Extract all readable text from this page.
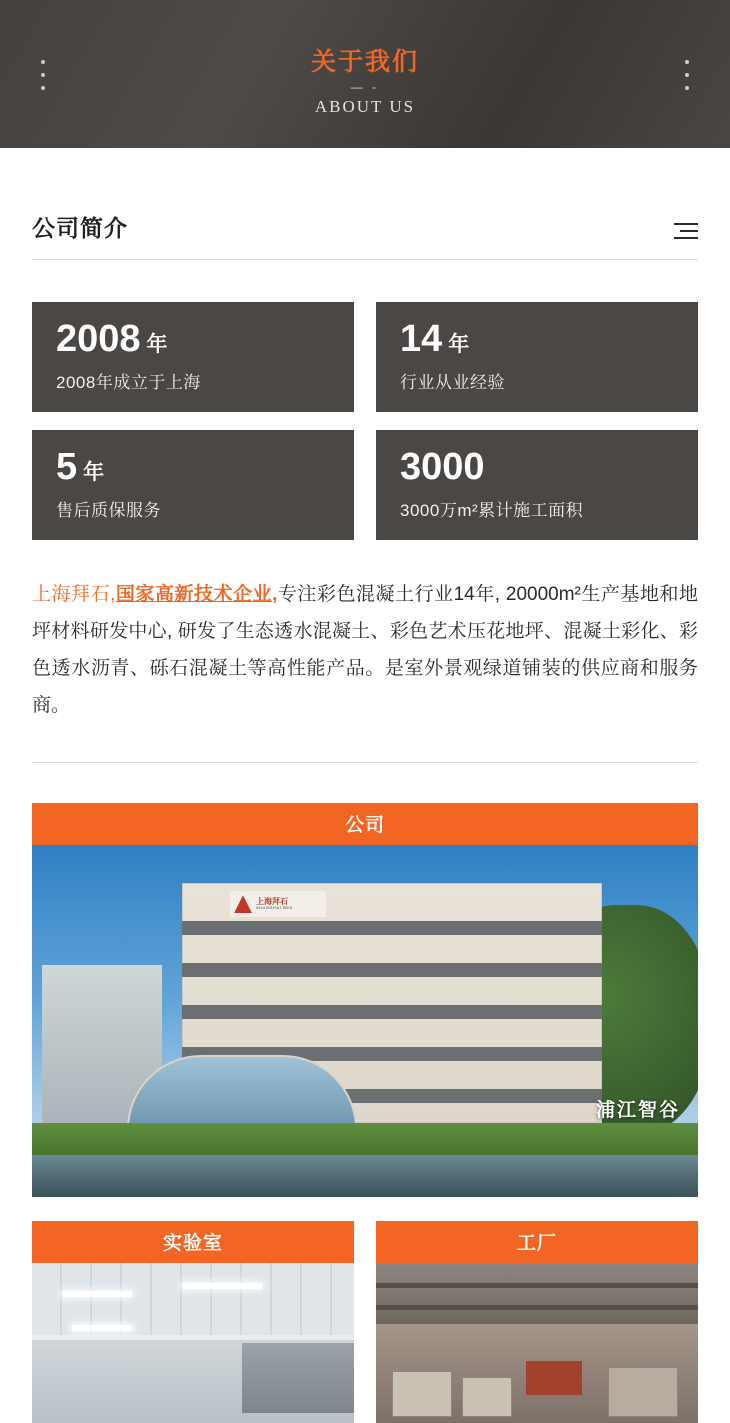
关于我们
— -
ABOUT US
公司简介
2008 年
2008年成立于上海
14 年
行业从业经验
5 年
售后质保服务
3000
3000万m²累计施工面积

上海拜石,国家高新技术企业,专注彩色混凝土行业14年, 20000m²生产基地和地坪材料研发中心, 研发了生态透水混凝土、彩色艺术压花地坪、混凝土彩化、彩色透水沥青、砾石混凝土等高性能产品。是室外景观绿道铺装的供应商和服务商。

公司
上海拜石
SHANGHAI BES
浦江智谷
实验室	工厂
